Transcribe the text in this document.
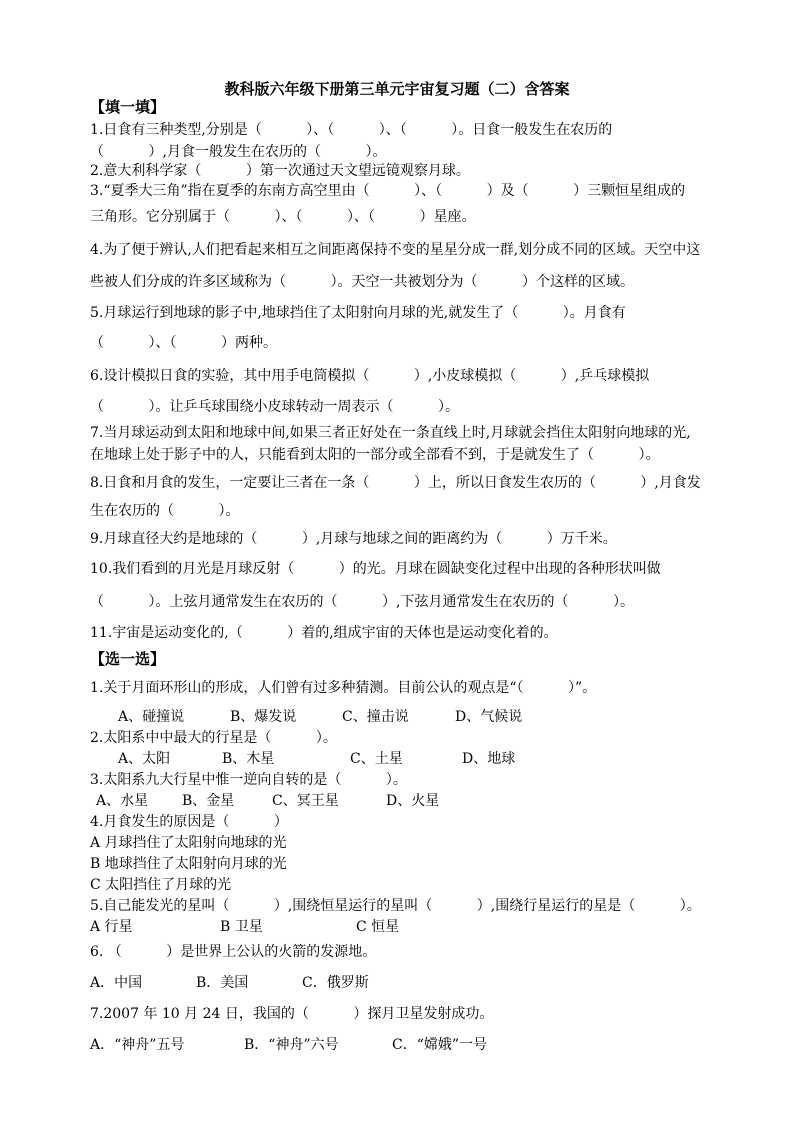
教科版六年级下册第三单元宇宙复习题（二）含答案
【填一填】
1.日食有三种类型,分别是（          ）、（          ）、（          ）。日食一般发生在农历的
（          ）,月食一般发生在农历的（          ）。
2.意大利科学家（          ）第一次通过天文望远镜观察月球。
3.“夏季大三角”指在夏季的东南方高空里由（          ）、（          ）及（          ）三颗恒星组成的
三角形。它分别属于（          ）、（          ）、（          ）星座。
4.为了便于辨认,人们把看起来相互之间距离保持不变的星星分成一群,划分成不同的区域。天空中这
些被人们分成的许多区域称为（          ）。天空一共被划分为（          ）个这样的区域。
5.月球运行到地球的影子中,地球挡住了太阳射向月球的光,就发生了（          ）。月食有
（          ）、（          ）两种。
6.设计模拟日食的实验，其中用手电筒模拟（          ）,小皮球模拟（          ）,乒乓球模拟
（          ）。让乒乓球围绕小皮球转动一周表示（          ）。
7.当月球运动到太阳和地球中间,如果三者正好处在一条直线上时,月球就会挡住太阳射向地球的光,
在地球上处于影子中的人，只能看到太阳的一部分或全部看不到，于是就发生了（          ）。
8.日食和月食的发生，一定要让三者在一条（          ）上，所以日食发生农历的（          ）,月食发
生在农历的（          ）。
9.月球直径大约是地球的（          ）,月球与地球之间的距离约为（          ）万千米。
10.我们看到的月光是月球反射（          ）的光。月球在圆缺变化过程中出现的各种形状叫做
（          ）。上弦月通常发生在农历的（          ）,下弦月通常发生在农历的（          ）。
11.宇宙是运动变化的,（          ）着的,组成宇宙的天体也是运动变化着的。
【选一选】
1.关于月面环形山的形成，人们曾有过多种猜测。目前公认的观点是“（          ）”。
A、碰撞说	B、爆发说	C、撞击说	D、气候说
2.太阳系中中最大的行星是（          ）。
A、太阳	B、木星	C、土星	D、地球
3.太阳系九大行星中惟一逆向自转的是（          ）。
A、水星 B、金星	C、冥王星	D、火星
4.月食发生的原因是（          ）
A 月球挡住了太阳射向地球的光
B 地球挡住了太阳射向月球的光
C 太阳挡住了月球的光
5.自己能发光的星叫（          ）,围绕恒星运行的星叫（          ）,围绕行星运行的星是（          ）。
A 行星	B 卫星	C 恒星
6. （          ）是世界上公认的火箭的发源地。
A．中国	B．美国	C．俄罗斯
7.2007 年 10 月 24 日，我国的（          ）探月卫星发射成功。
A．“神舟”五号	B．“神舟”六号	C．“嫦娥”一号
